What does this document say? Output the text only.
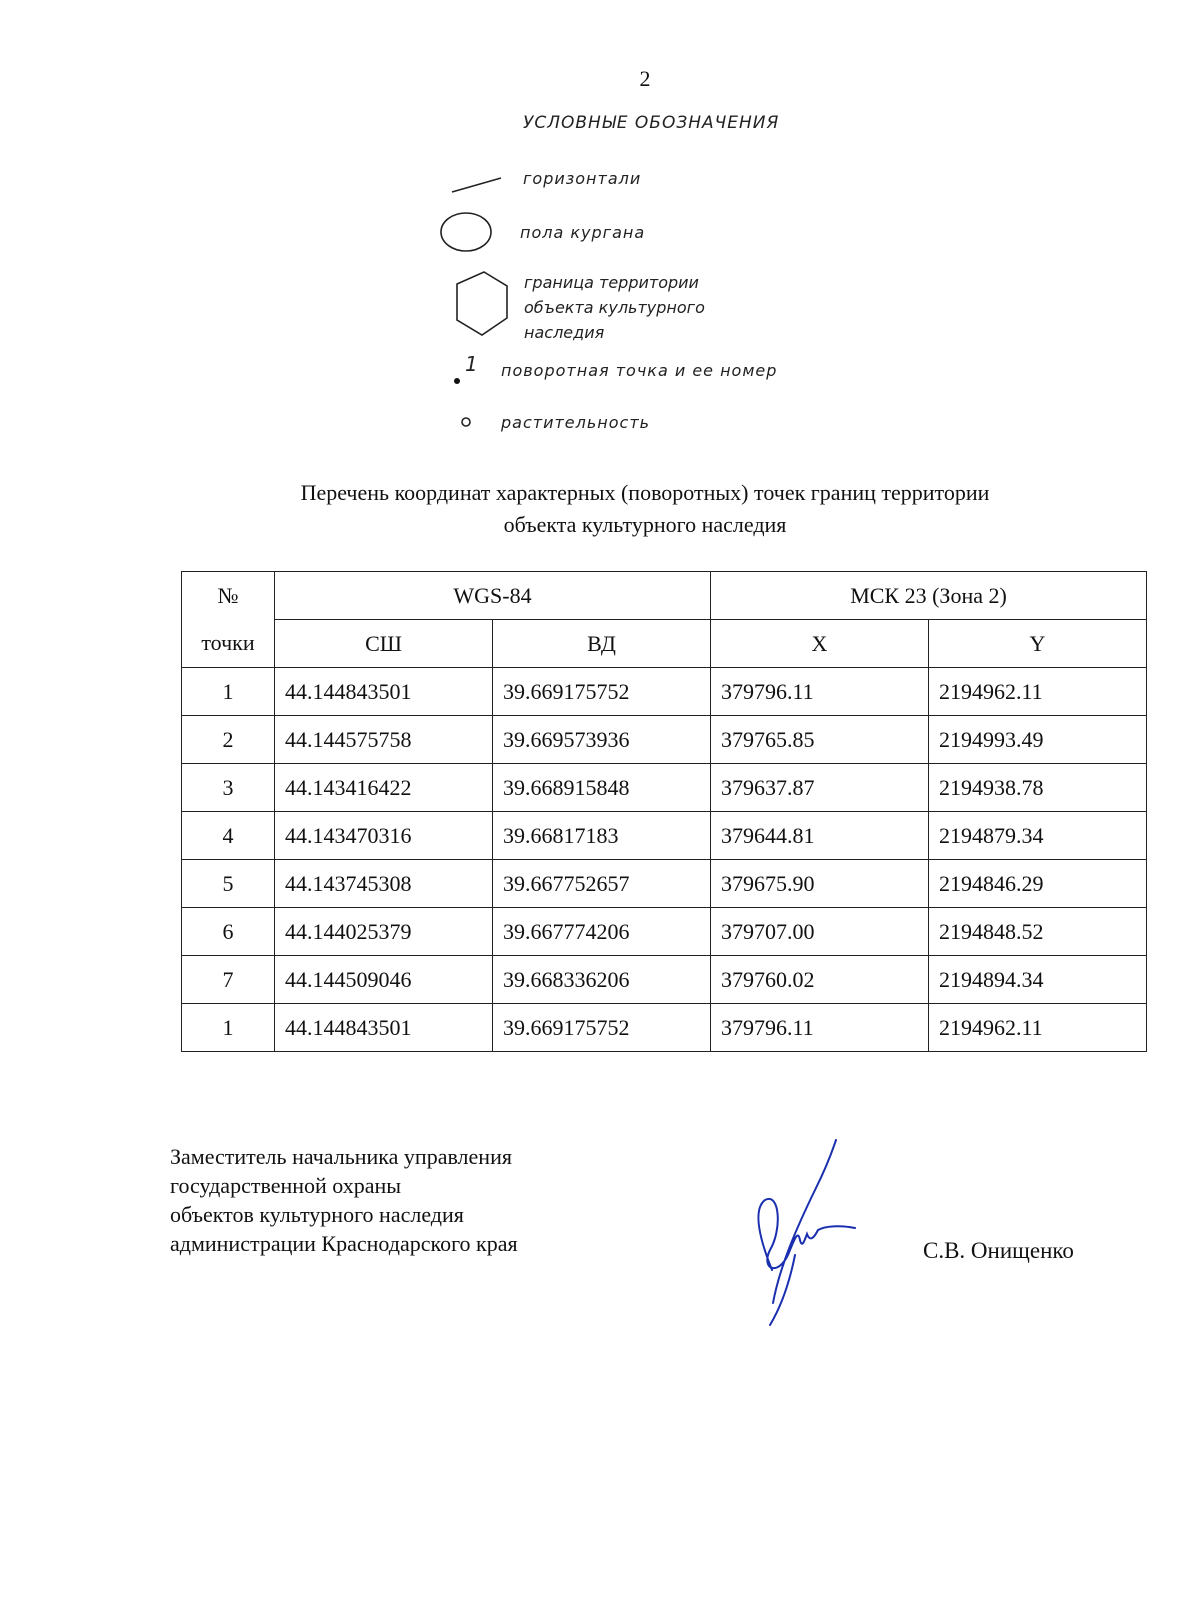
2
УСЛОВНЫЕ ОБОЗНАЧЕНИЯ
горизонтали
пола кургана
граница территории
объекта культурного
наследия
1 поворотная точка и ее номер
растительность
Перечень координат характерных (поворотных) точек границ территории
объекта культурного наследия
№	WGS-84		МСК 23 (Зона 2)	
точки	СШ	ВД	X	Y
1	44.144843501	39.669175752	379796.11	2194962.11
2	44.144575758	39.669573936	379765.85	2194993.49
3	44.143416422	39.668915848	379637.87	2194938.78
4	44.143470316	39.66817183	379644.81	2194879.34
5	44.143745308	39.667752657	379675.90	2194846.29
6	44.144025379	39.667774206	379707.00	2194848.52
7	44.144509046	39.668336206	379760.02	2194894.34
1	44.144843501	39.669175752	379796.11	2194962.11
Заместитель начальника управления
государственной охраны
объектов культурного наследия
администрации Краснодарского края	С.В. Онищенко
